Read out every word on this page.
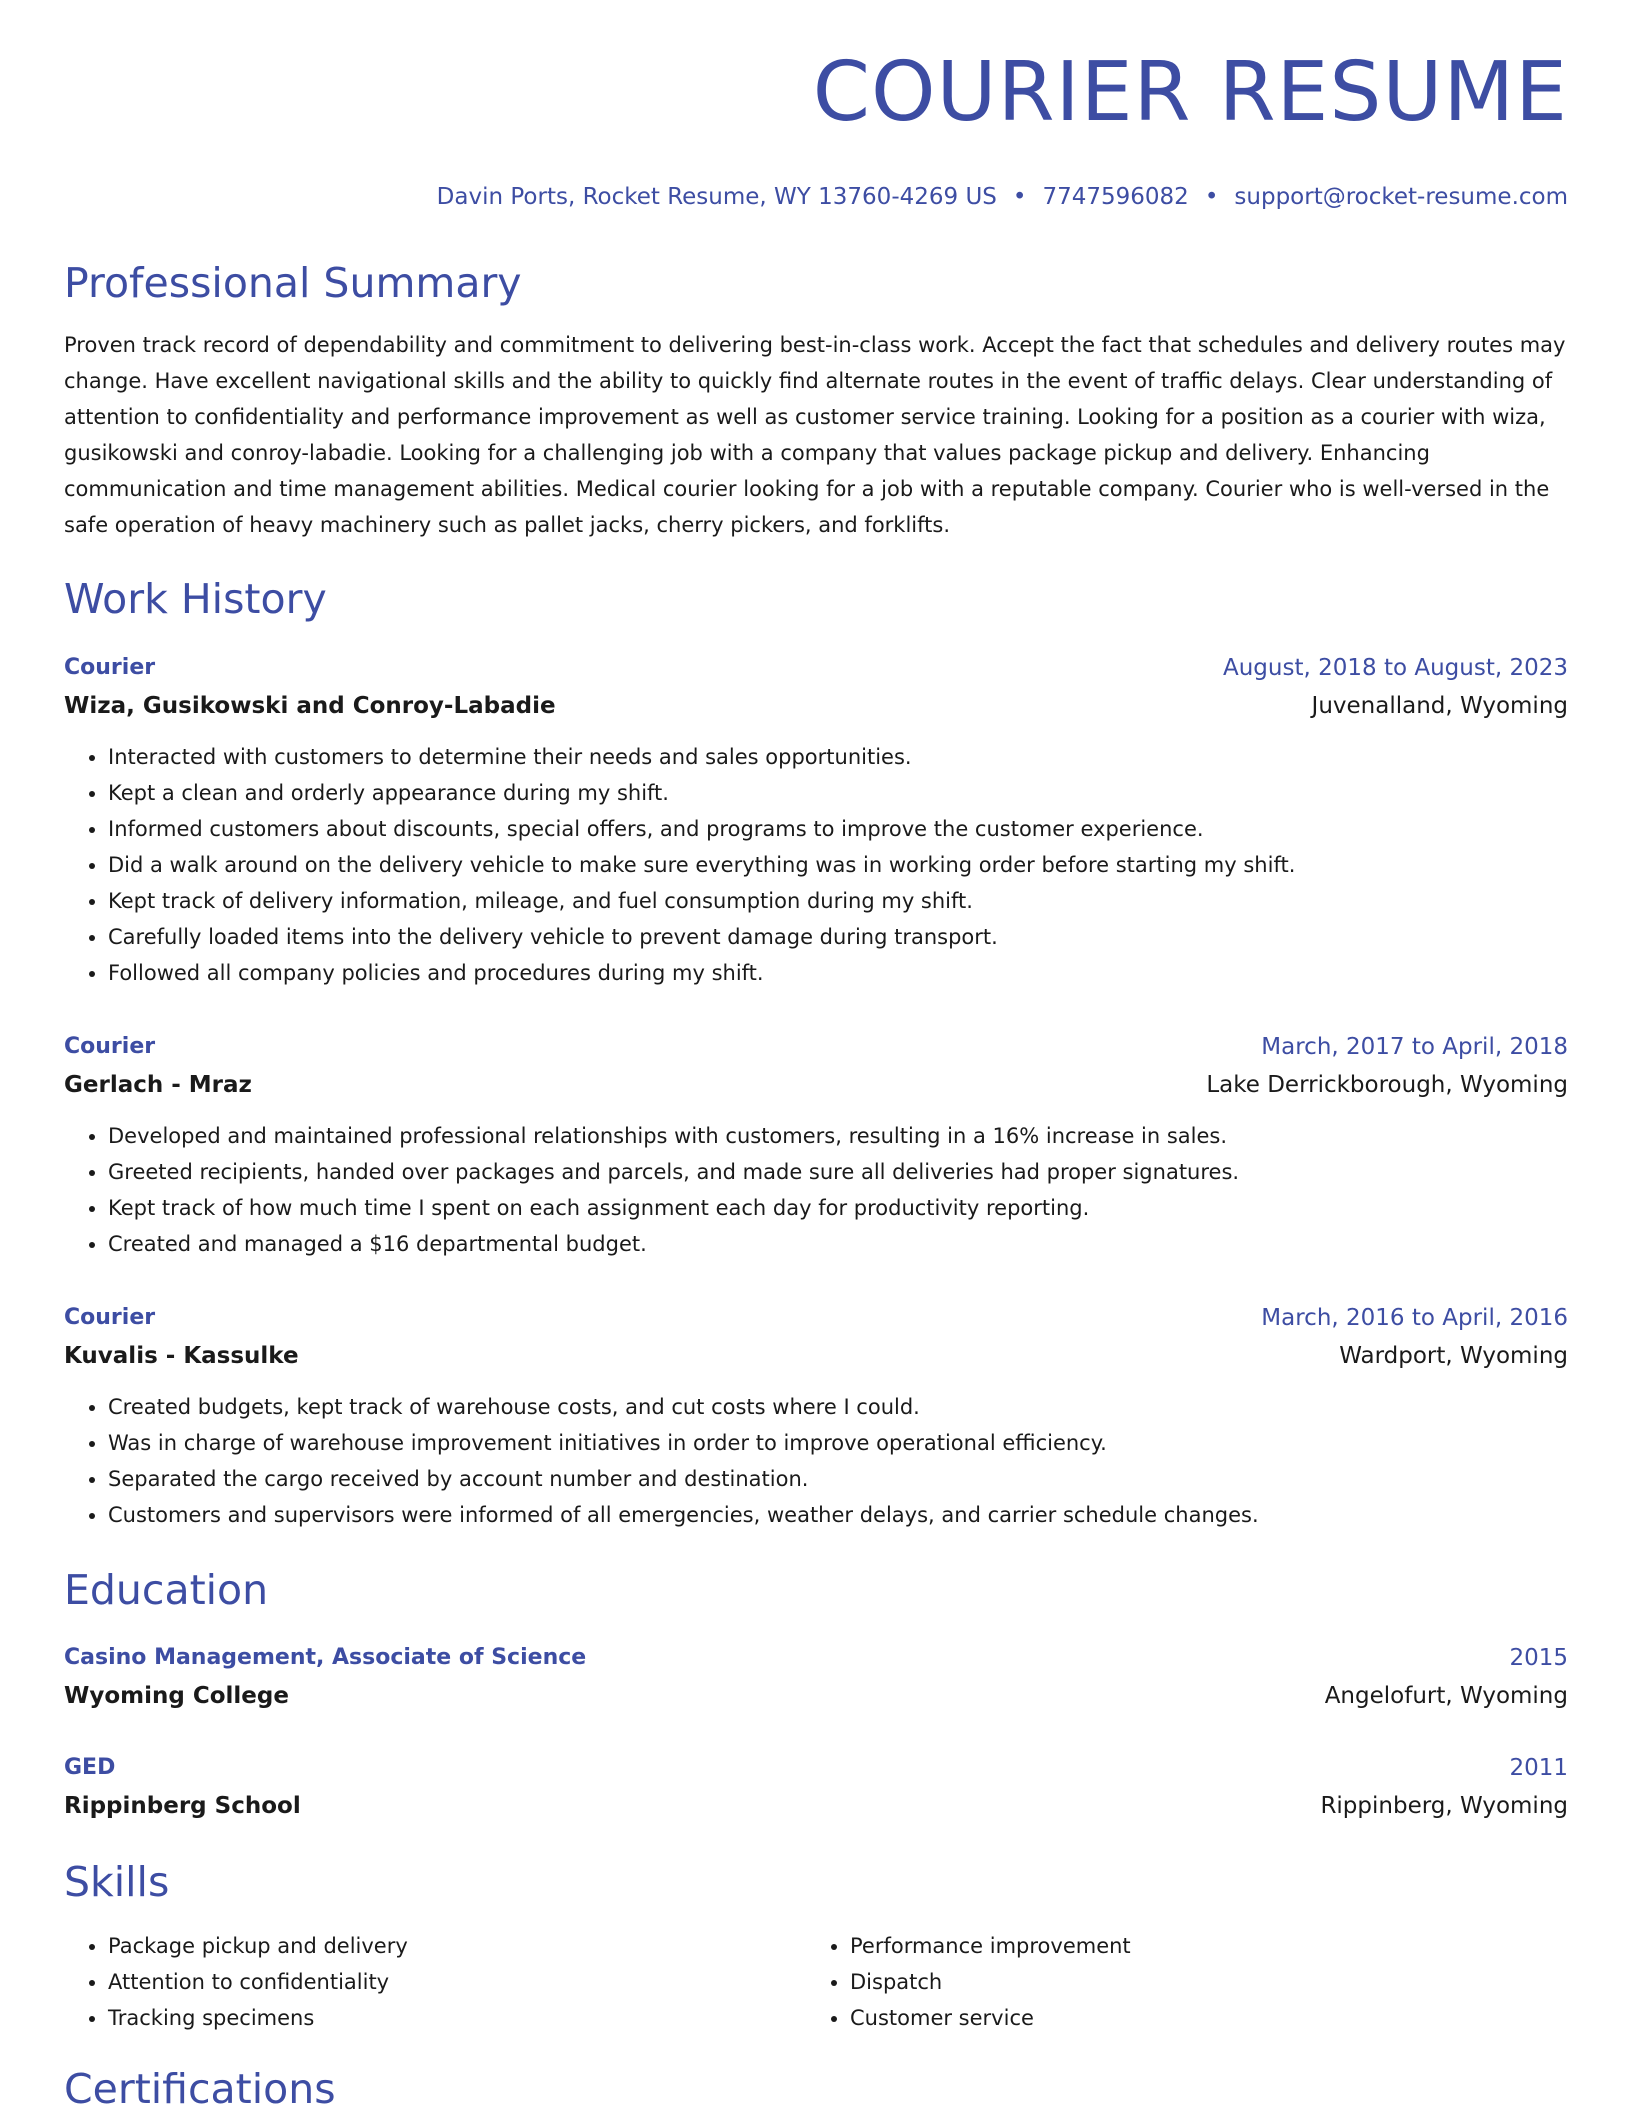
COURIER RESUME
Davin Ports, Rocket Resume, WY 13760-4269 US • 7747596082 • support@rocket-resume.com
Professional Summary

Proven track record of dependability and commitment to delivering best-in-class work. Accept the fact that schedules and delivery routes may change. Have excellent navigational skills and the ability to quickly find alternate routes in the event of traffic delays. Clear understanding of attention to confidentiality and performance improvement as well as customer service training. Looking for a position as a courier with wiza, gusikowski and conroy-labadie. Looking for a challenging job with a company that values package pickup and delivery. Enhancing communication and time management abilities. Medical courier looking for a job with a reputable company. Courier who is well-versed in the safe operation of heavy machinery such as pallet jacks, cherry pickers, and forklifts.

Work History
Courier	August, 2018 to August, 2023
Wiza, Gusikowski and Conroy-Labadie	Juvenalland, Wyoming
• Interacted with customers to determine their needs and sales opportunities.
• Kept a clean and orderly appearance during my shift.
• Informed customers about discounts, special offers, and programs to improve the customer experience.
• Did a walk around on the delivery vehicle to make sure everything was in working order before starting my shift.
• Kept track of delivery information, mileage, and fuel consumption during my shift.
• Carefully loaded items into the delivery vehicle to prevent damage during transport.
• Followed all company policies and procedures during my shift.
Courier	March, 2017 to April, 2018
Gerlach - Mraz	Lake Derrickborough, Wyoming
• Developed and maintained professional relationships with customers, resulting in a 16% increase in sales.
• Greeted recipients, handed over packages and parcels, and made sure all deliveries had proper signatures.
• Kept track of how much time I spent on each assignment each day for productivity reporting.
• Created and managed a $16 departmental budget.
Courier	March, 2016 to April, 2016
Kuvalis - Kassulke	Wardport, Wyoming
• Created budgets, kept track of warehouse costs, and cut costs where I could.
• Was in charge of warehouse improvement initiatives in order to improve operational efficiency.
• Separated the cargo received by account number and destination.
• Customers and supervisors were informed of all emergencies, weather delays, and carrier schedule changes.
Education
Casino Management, Associate of Science	2015
Wyoming College	Angelofurt, Wyoming
GED	2011
Rippinberg School	Rippinberg, Wyoming
Skills
• Package pickup and delivery
• Attention to confidentiality
• Tracking specimens
• Performance improvement
• Dispatch
• Customer service
Certifications
